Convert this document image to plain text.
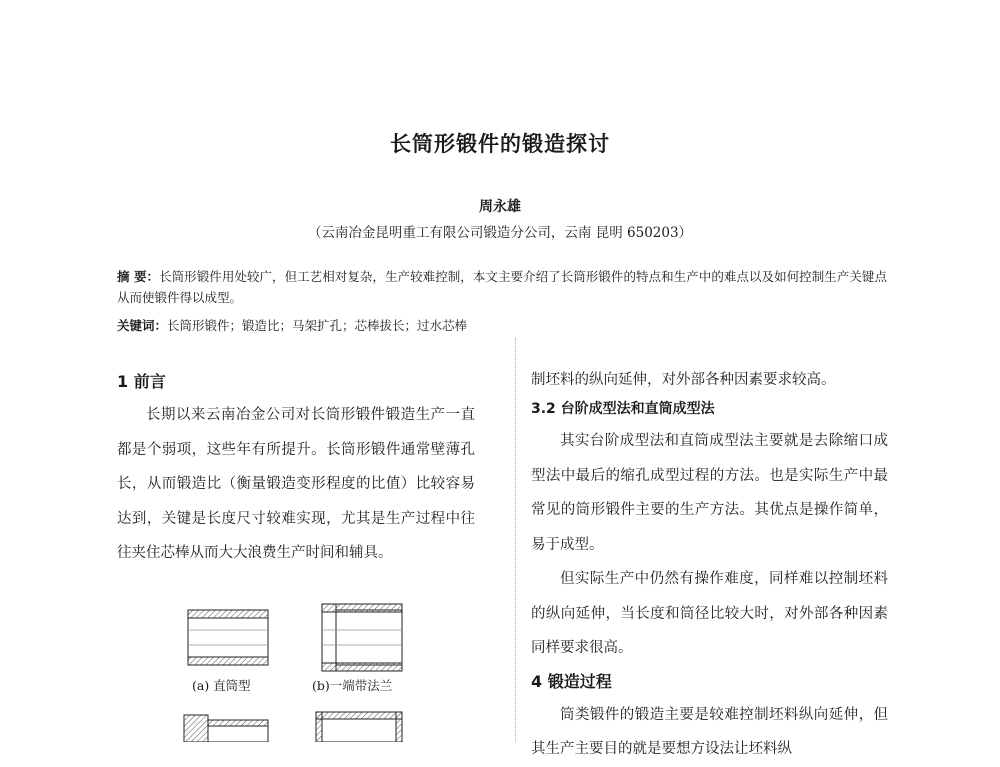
长筒形锻件的锻造探讨
周永雄
（云南冶金昆明重工有限公司锻造分公司，云南 昆明 650203）
摘 要：长筒形锻件用处较广，但工艺相对复杂，生产较难控制，本文主要介绍了长筒形锻件的特点和生产中的难点以及如何控制生产关键点从而使锻件得以成型。
关键词：长筒形锻件；锻造比；马架扩孔；芯棒拔长；过水芯棒
1 前言

长期以来云南冶金公司对长筒形锻件锻造生产一直都是个弱项，这些年有所提升。长筒形锻件通常壁薄孔长，从而锻造比（衡量锻造变形程度的比值）比较容易达到，关键是长度尺寸较难实现，尤其是生产过程中往往夹住芯棒从而大大浪费生产时间和辅具。

(a) 直筒型	(b)一端带法兰

制坯料的纵向延伸，对外部各种因素要求较高。

3.2 台阶成型法和直筒成型法

其实台阶成型法和直筒成型法主要就是去除缩口成型法中最后的缩孔成型过程的方法。也是实际生产中最常见的筒形锻件主要的生产方法。其优点是操作简单，易于成型。

但实际生产中仍然有操作难度，同样难以控制坯料的纵向延伸，当长度和筒径比较大时，对外部各种因素同样要求很高。

4 锻造过程

筒类锻件的锻造主要是较难控制坯料纵向延伸，但其生产主要目的就是要想方设法让坯料纵
